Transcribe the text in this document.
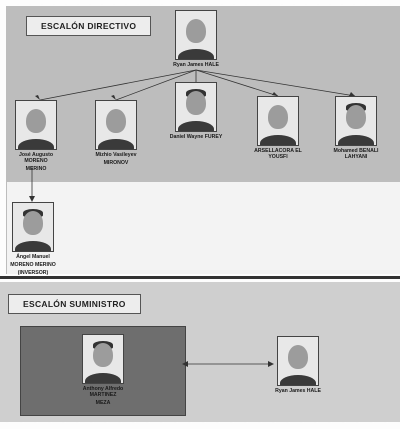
ESCALÓN DIRECTIVO
ESCALÓN SUMINISTRO
Ryan James HALE
José Augusto MORENO
MERINO
Mizhio Vasileyev
MIRONOV
Daniel Wayne FUREY
ARSELLACORA EL YOUSFI
Mohamed BENALI LAHYANI
Ángel Manuel
MORENO MERINO
(INVERSOR)
Anthony Alfredo MARTINEZ
MEZA
Ryan James HALE
